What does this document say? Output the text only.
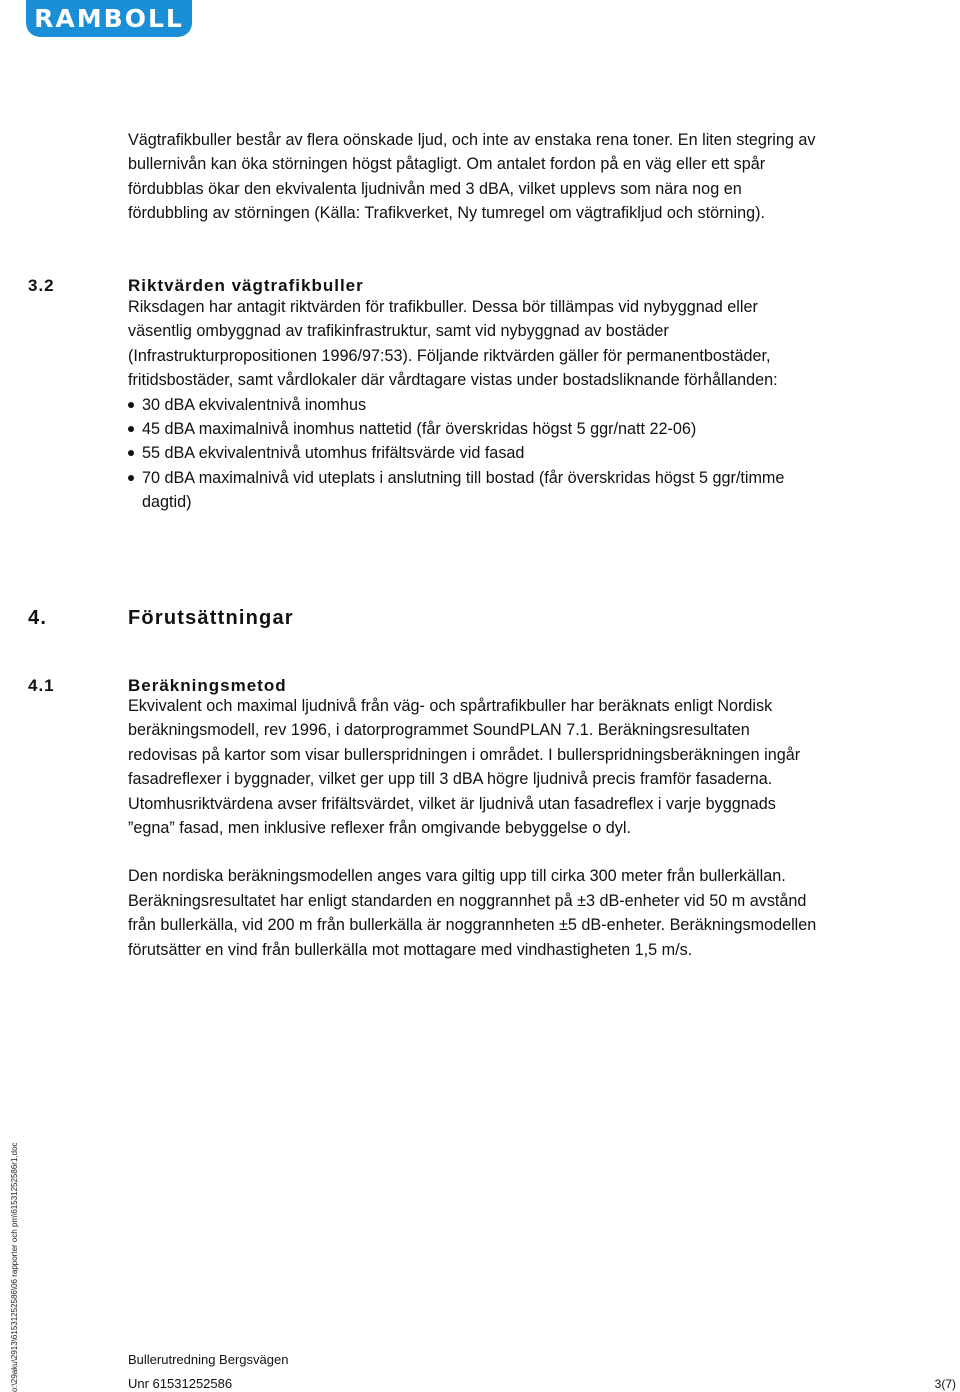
RAMBOLL

Vägtrafikbuller består av flera oönskade ljud, och inte av enstaka rena toner. En liten stegring av bullernivån kan öka störningen högst påtagligt. Om antalet fordon på en väg eller ett spår fördubblas ökar den ekvivalenta ljudnivån med 3 dBA, vilket upplevs som nära nog en fördubbling av störningen (Källa: Trafikverket, Ny tumregel om vägtrafikljud och störning).

3.2	Riktvärden vägtrafikbuller
Riksdagen har antagit riktvärden för trafikbuller. Dessa bör tillämpas vid nybyggnad eller väsentlig ombyggnad av trafikinfrastruktur, samt vid nybyggnad av bostäder (Infrastrukturpropositionen 1996/97:53). Följande riktvärden gäller för permanentbostäder, fritidsbostäder, samt vårdlokaler där vårdtagare vistas under bostadsliknande förhållanden:
30 dBA ekvivalentnivå inomhus
45 dBA maximalnivå inomhus nattetid (får överskridas högst 5 ggr/natt 22-06)
55 dBA ekvivalentnivå utomhus frifältsvärde vid fasad
70 dBA maximalnivå vid uteplats i anslutning till bostad (får överskridas högst 5 ggr/timme dagtid)
4.	Förutsättningar
4.1	Beräkningsmetod
Ekvivalent och maximal ljudnivå från väg- och spårtrafikbuller har beräknats enligt Nordisk beräkningsmodell, rev 1996, i datorprogrammet SoundPLAN 7.1. Beräkningsresultaten redovisas på kartor som visar bullerspridningen i området. I bullerspridningsberäkningen ingår fasadreflexer i byggnader, vilket ger upp till 3 dBA högre ljudnivå precis framför fasaderna. Utomhusriktvärdena avser frifältsvärdet, vilket är ljudnivå utan fasadreflex i varje byggnads ”egna” fasad, men inklusive reflexer från omgivande bebyggelse o dyl.
Den nordiska beräkningsmodellen anges vara giltig upp till cirka 300 meter från bullerkällan. Beräkningsresultatet har enligt standarden en noggrannhet på ±3 dB-enheter vid 50 m avstånd från bullerkälla, vid 200 m från bullerkälla är noggrannheten ±5 dB-enheter. Beräkningsmodellen förutsätter en vind från bullerkälla mot mottagare med vindhastigheten 1,5 m/s.
o:\29aku\2913\61531252586\06 rapporter och pm\61531252586r1.doc	Bullerutredning Bergsvägen
Unr 61531252586	3(7)
